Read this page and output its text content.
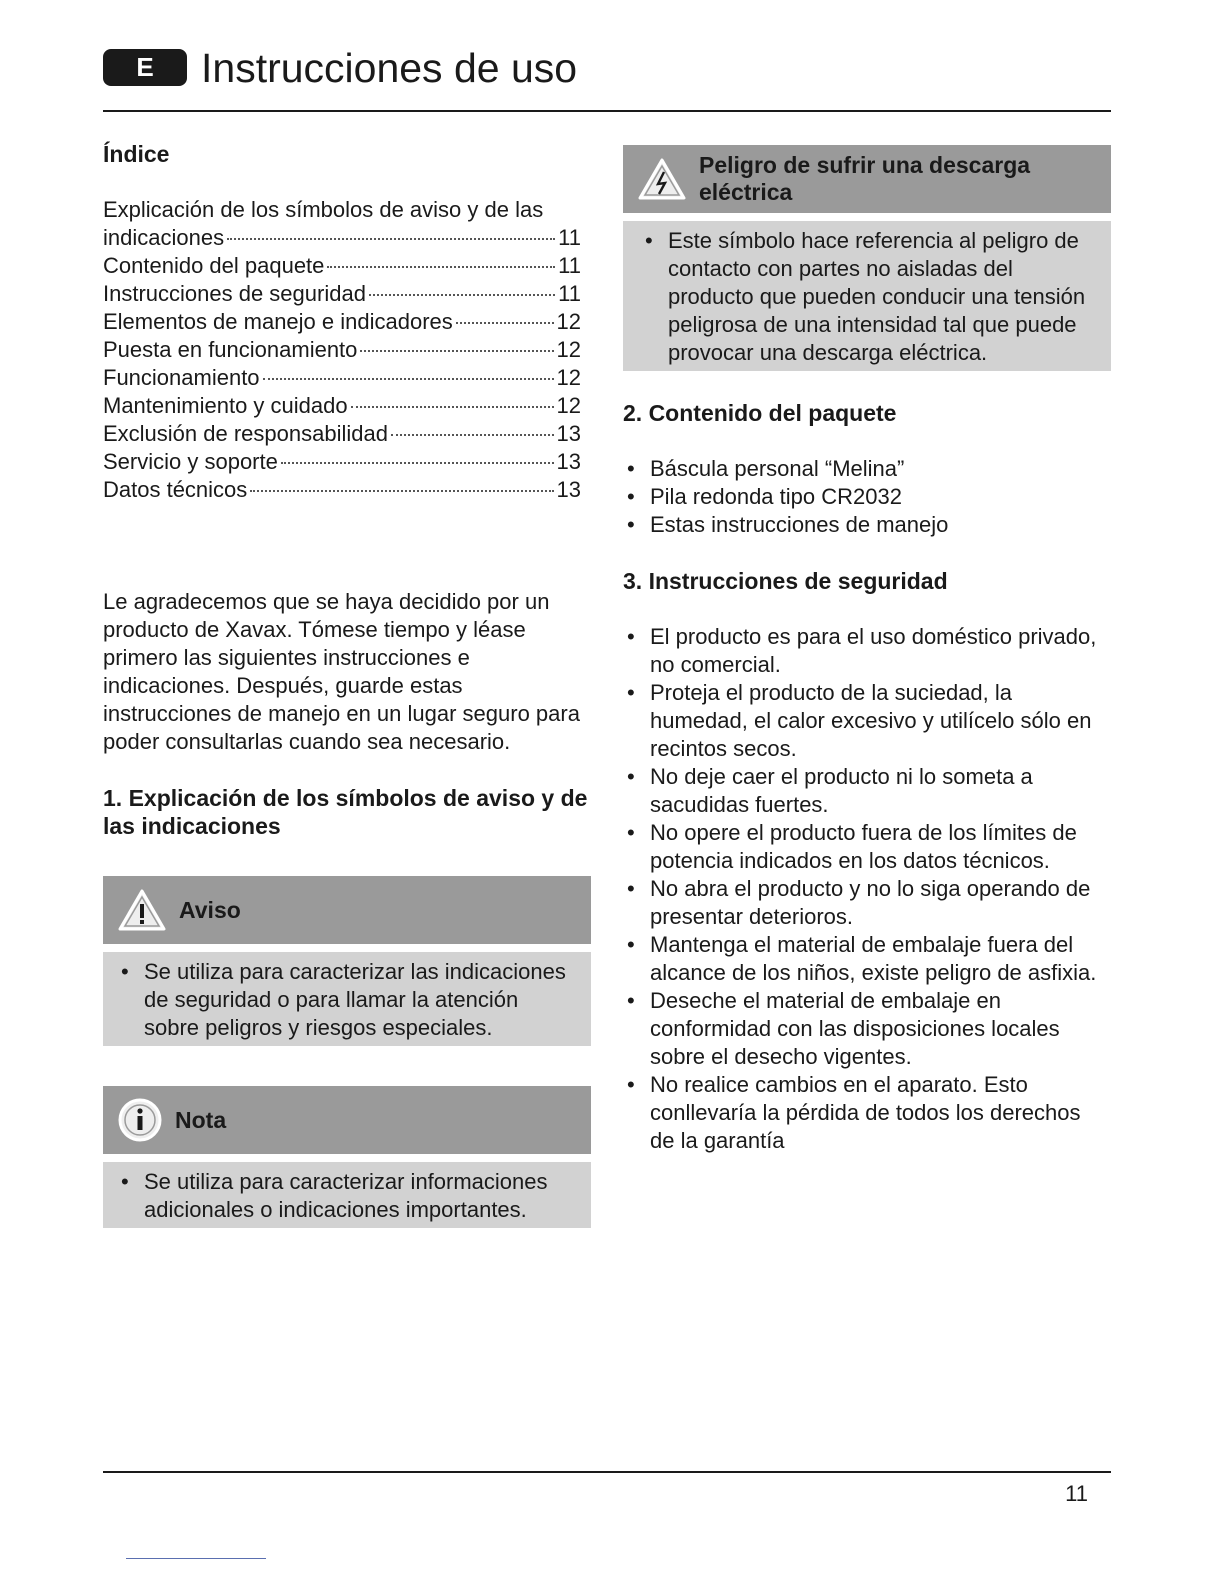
E	Instrucciones de uso
Índice
Explicación de los símbolos de aviso y de las
indicaciones	11
Contenido del paquete	11
Instrucciones de seguridad	11
Elementos de manejo e indicadores	12
Puesta en funcionamiento	12
Funcionamiento	12
Mantenimiento y cuidado	12
Exclusión de responsabilidad	13
Servicio y soporte	13
Datos técnicos	13

Le agradecemos que se haya decidido por un producto de Xavax. Tómese tiempo y léase primero las siguientes instrucciones e indicaciones. Después, guarde estas instrucciones de manejo en un lugar seguro para poder consultarlas cuando sea necesario.

1. Explicación de los símbolos de aviso y de las indicaciones
Aviso
• Se utiliza para caracterizar las indicaciones de seguridad o para llamar la atención sobre peligros y riesgos especiales.
Nota
• Se utiliza para caracterizar informaciones adicionales o indicaciones importantes.
Peligro de sufrir una descarga eléctrica
• Este símbolo hace referencia al peligro de contacto con partes no aisladas del producto que pueden conducir una tensión peligrosa de una intensidad tal que puede provocar una descarga eléctrica.
2. Contenido del paquete
• Báscula personal “Melina”
• Pila redonda tipo CR2032
• Estas instrucciones de manejo
3. Instrucciones de seguridad
• El producto es para el uso doméstico privado, no comercial.
• Proteja el producto de la suciedad, la humedad, el calor excesivo y utilícelo sólo en recintos secos.
• No deje caer el producto ni lo someta a sacudidas fuertes.
• No opere el producto fuera de los límites de potencia indicados en los datos técnicos.
• No abra el producto y no lo siga operando de presentar deterioros.
• Mantenga el material de embalaje fuera del alcance de los niños, existe peligro de asfixia.
• Deseche el material de embalaje en conformidad con las disposiciones locales sobre el desecho vigentes.
• No realice cambios en el aparato. Esto conllevaría la pérdida de todos los derechos de la garantía
11
